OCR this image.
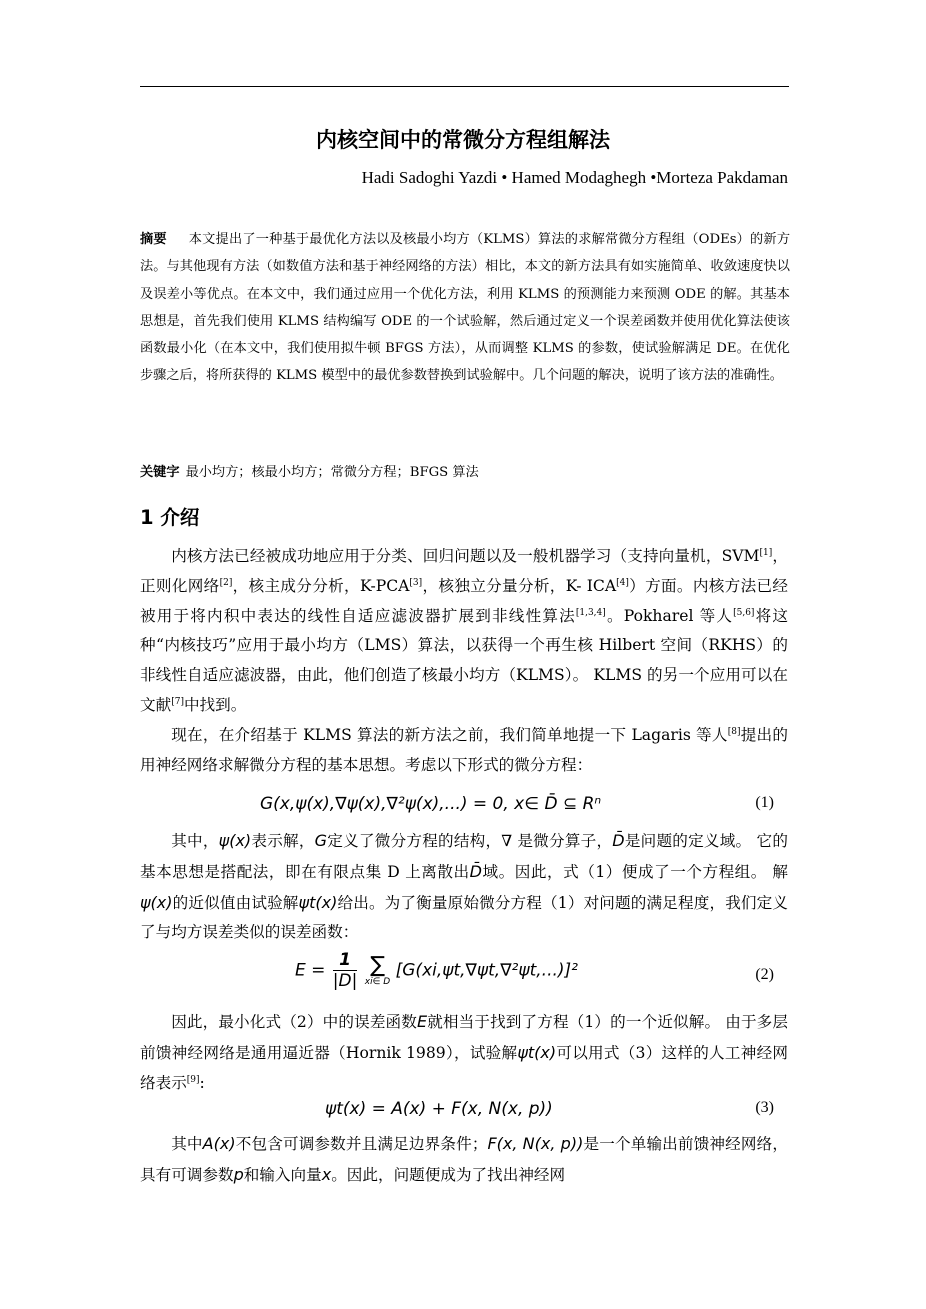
内核空间中的常微分方程组解法
Hadi Sadoghi Yazdi • Hamed Modaghegh •Morteza Pakdaman
摘要 本文提出了一种基于最优化方法以及核最小均方（KLMS）算法的求解常微分方程组（ODEs）的新方法。与其他现有方法（如数值方法和基于神经网络的方法）相比，本文的新方法具有如实施简单、收敛速度快以及误差小等优点。在本文中，我们通过应用一个优化方法，利用 KLMS 的预测能力来预测 ODE 的解。其基本思想是，首先我们使用 KLMS 结构编写 ODE 的一个试验解，然后通过定义一个误差函数并使用优化算法使该函数最小化（在本文中，我们使用拟牛顿 BFGS 方法），从而调整 KLMS 的参数，使试验解满足 DE。在优化步骤之后，将所获得的 KLMS 模型中的最优参数替换到试验解中。几个问题的解决，说明了该方法的准确性。
关键字 最小均方；核最小均方；常微分方程；BFGS 算法
1 介绍

内核方法已经被成功地应用于分类、回归问题以及一般机器学习（支持向量机，SVM[1]，正则化网络[2]，核主成分分析，K-PCA[3]，核独立分量分析，K- ICA[4]）方面。内核方法已经被用于将内积中表达的线性自适应滤波器扩展到非线性算法[1,3,4]。Pokharel 等人[5,6]将这种“内核技巧”应用于最小均方（LMS）算法，以获得一个再生核 Hilbert 空间（RKHS）的非线性自适应滤波器，由此，他们创造了核最小均方（KLMS）。 KLMS 的另一个应用可以在文献[7]中找到。

现在，在介绍基于 KLMS 算法的新方法之前，我们简单地提一下 Lagaris 等人[8]提出的用神经网络求解微分方程的基本思想。考虑以下形式的微分方程：

G(x,ψ(x),∇ψ(x),∇²ψ(x),...) = 0, x∈ D̄ ⊆ Rⁿ	(1)

其中，ψ(x)表示解，G定义了微分方程的结构，∇ 是微分算子，D̄是问题的定义域。 它的基本思想是搭配法，即在有限点集 D 上离散出D̄域。因此，式（1）便成了一个方程组。 解ψ(x)的近似值由试验解ψt(x)给出。为了衡量原始微分方程（1）对问题的满足程度，我们定义了与均方误差类似的误差函数：

$E = \frac{1}{|D|}$
∑
xi∈ D
[G(xi,ψt,∇ψt,∇²ψt,...)]²	(2)

因此，最小化式（2）中的误差函数E就相当于找到了方程（1）的一个近似解。 由于多层前馈神经网络是通用逼近器（Hornik 1989），试验解ψt(x)可以用式（3）这样的人工神经网络表示[9]:

ψt(x) = A(x) + F(x, N(x, p))	(3)

其中A(x)不包含可调参数并且满足边界条件；F(x, N(x, p))是一个单输出前馈神经网络，具有可调参数p和输入向量x。因此，问题便成为了找出神经网
